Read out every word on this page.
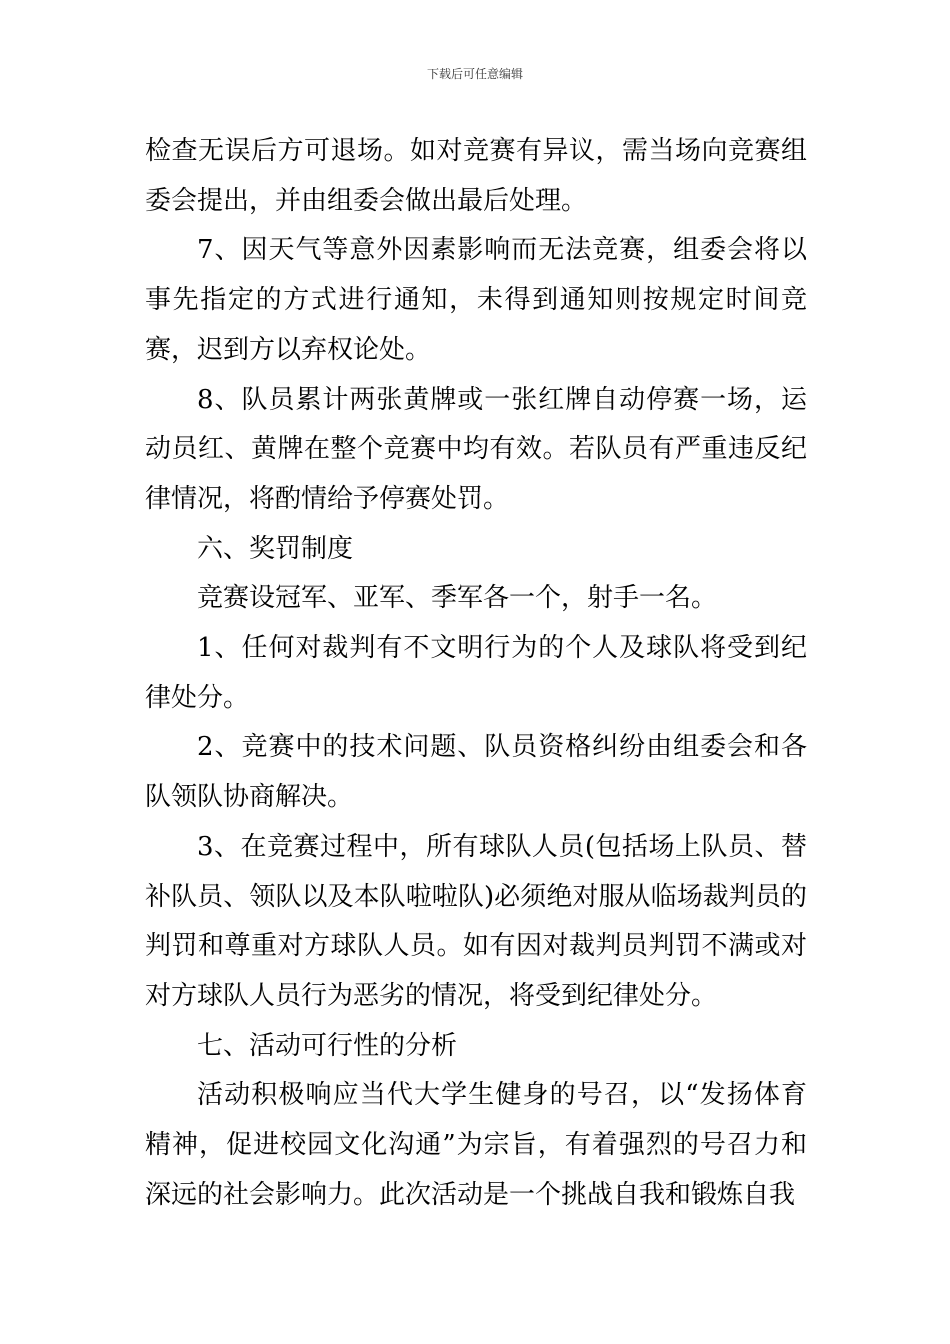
下载后可任意编辑

检查无误后方可退场。如对竞赛有异议，需当场向竞赛组委会提出，并由组委会做出最后处理。

7、因天气等意外因素影响而无法竞赛，组委会将以事先指定的方式进行通知，未得到通知则按规定时间竞赛，迟到方以弃权论处。

8、队员累计两张黄牌或一张红牌自动停赛一场，运动员红、黄牌在整个竞赛中均有效。若队员有严重违反纪律情况，将酌情给予停赛处罚。

六、奖罚制度

竞赛设冠军、亚军、季军各一个，射手一名。

1、任何对裁判有不文明行为的个人及球队将受到纪律处分。

2、竞赛中的技术问题、队员资格纠纷由组委会和各队领队协商解决。

3、在竞赛过程中，所有球队人员(包括场上队员、替补队员、领队以及本队啦啦队)必须绝对服从临场裁判员的判罚和尊重对方球队人员。如有因对裁判员判罚不满或对对方球队人员行为恶劣的情况，将受到纪律处分。

七、活动可行性的分析

活动积极响应当代大学生健身的号召，以“发扬体育精神，促进校园文化沟通”为宗旨，有着强烈的号召力和深远的社会影响力。此次活动是一个挑战自我和锻炼自我
